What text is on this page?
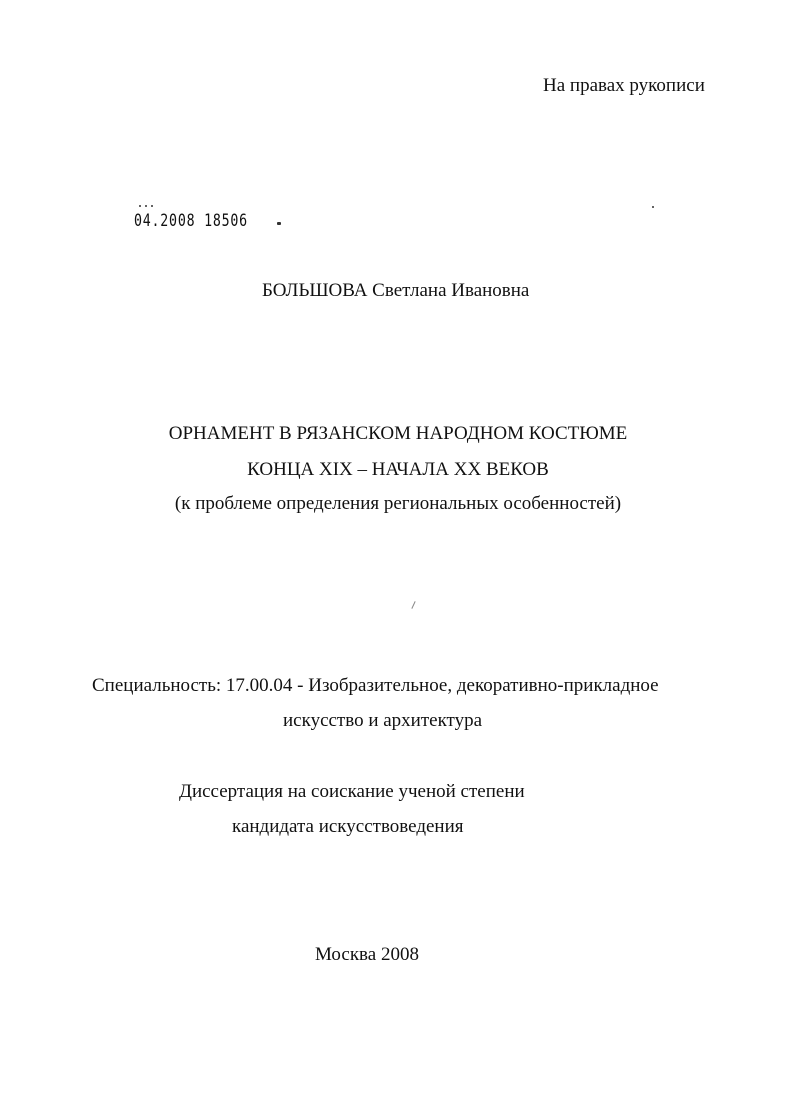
На правах рукописи
04.2008 18506
БОЛЬШОВА Светлана Ивановна
ОРНАМЕНТ В РЯЗАНСКОМ НАРОДНОМ КОСТЮМЕ
КОНЦА XIX – НАЧАЛА XX ВЕКОВ
(к проблеме определения региональных особенностей)
Специальность: 17.00.04 - Изобразительное, декоративно-прикладное
искусство и архитектура
Диссертация на соискание ученой степени
кандидата искусствоведения
Москва 2008
